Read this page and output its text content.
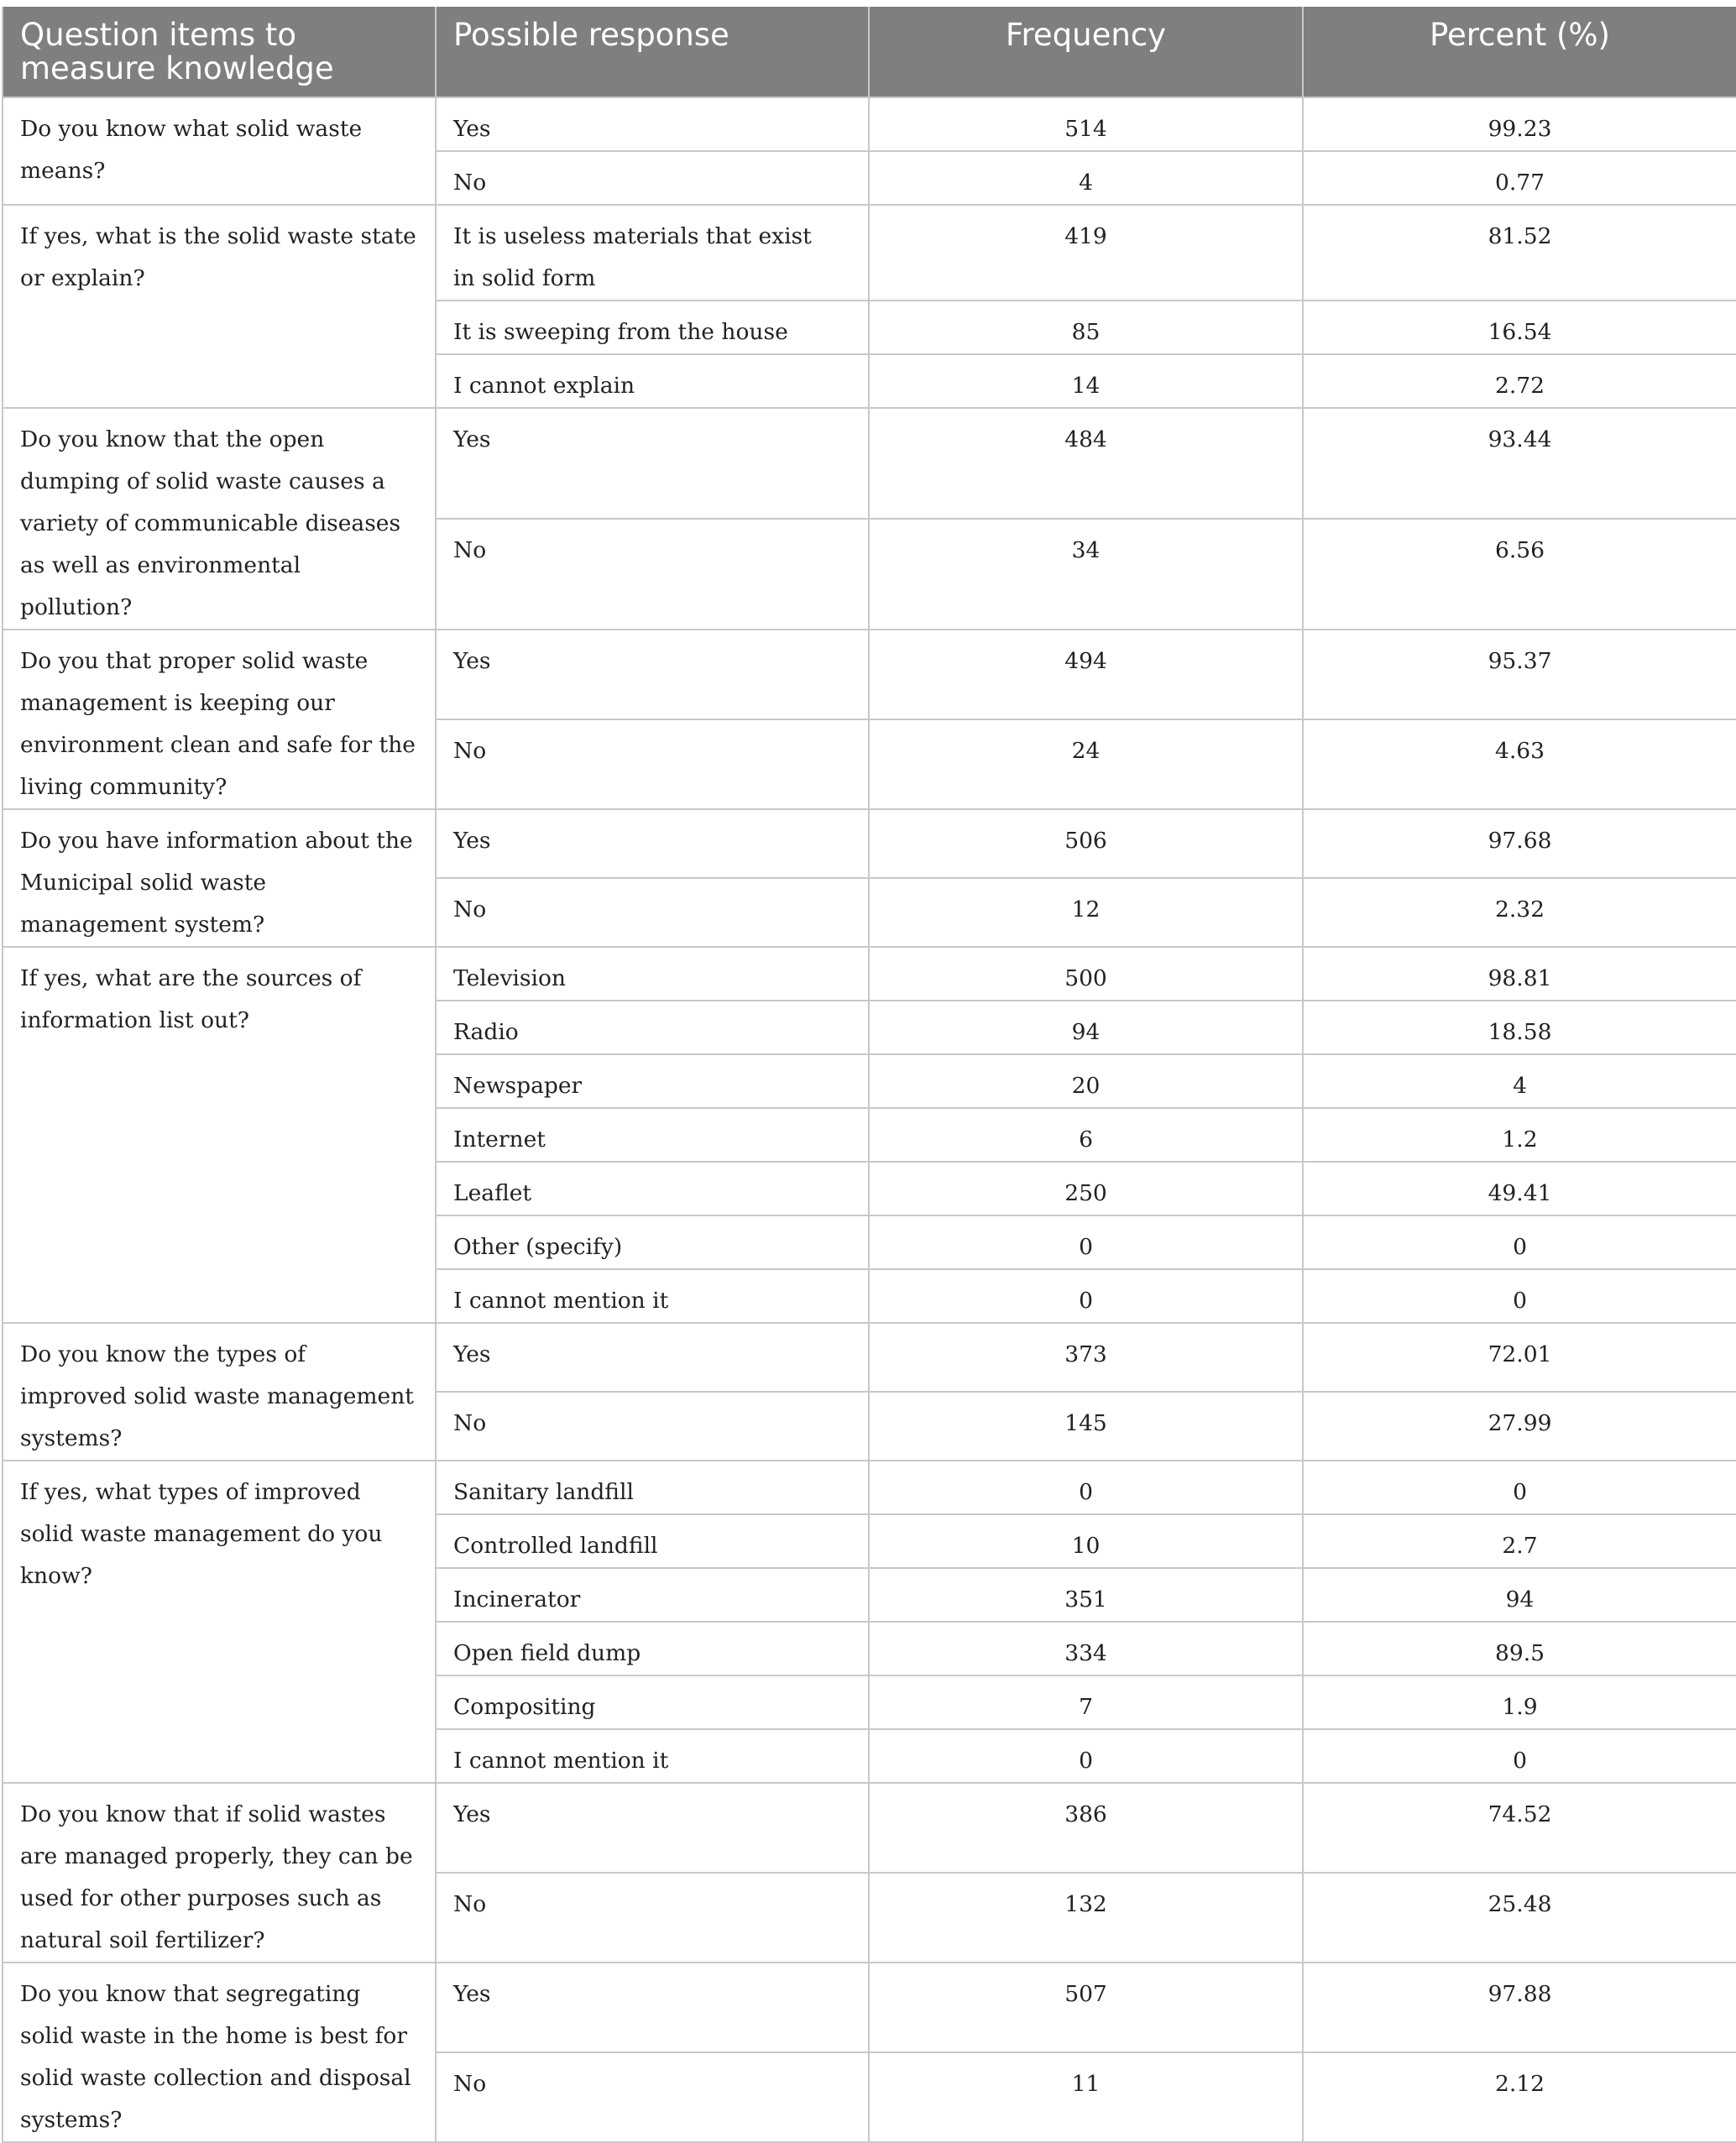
Question items to measure knowledge	Possible response	Frequency	Percent (%)
Do you know what solid waste means?	Yes	514	99.23
	No	4	0.77
If yes, what is the solid waste state or explain?	It is useless materials that exist in solid form	419	81.52
	It is sweeping from the house	85	16.54
	I cannot explain	14	2.72
Do you know that the open dumping of solid waste causes a variety of communicable diseases as well as environmental pollution?	Yes	484	93.44
	No	34	6.56
Do you that proper solid waste management is keeping our environment clean and safe for the living community?	Yes	494	95.37
	No	24	4.63
Do you have information about the Municipal solid waste management system?	Yes	506	97.68
	No	12	2.32
If yes, what are the sources of information list out?	Television	500	98.81
	Radio	94	18.58
	Newspaper	20	4
	Internet	6	1.2
	Leaflet	250	49.41
	Other (specify)	0	0
	I cannot mention it	0	0
Do you know the types of improved solid waste management systems?	Yes	373	72.01
	No	145	27.99
If yes, what types of improved solid waste management do you know?	Sanitary landfill	0	0
	Controlled landfill	10	2.7
	Incinerator	351	94
	Open field dump	334	89.5
	Compositing	7	1.9
	I cannot mention it	0	0
Do you know that if solid wastes are managed properly, they can be used for other purposes such as natural soil fertilizer?	Yes	386	74.52
	No	132	25.48
Do you know that segregating solid waste in the home is best for solid waste collection and disposal systems?	Yes	507	97.88
	No	11	2.12
